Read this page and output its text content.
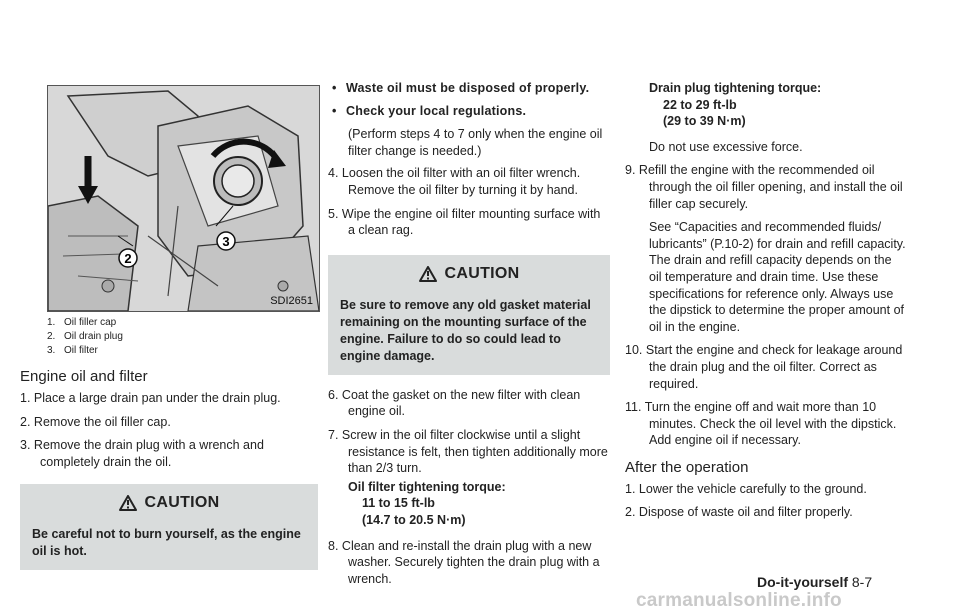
2
3
SDI2651
1. Oil filler cap
2. Oil drain plug
3. Oil filter
Engine oil and filter
1. Place a large drain pan under the drain plug.
2. Remove the oil filler cap.
3. Remove the drain plug with a wrench and completely drain the oil.
CAUTION
Be careful not to burn yourself, as the engine oil is hot.
• Waste oil must be disposed of properly.
• Check your local regulations.

(Perform steps 4 to 7 only when the engine oil filter change is needed.)

4. Loosen the oil filter with an oil filter wrench. Remove the oil filter by turning it by hand.
5. Wipe the engine oil filter mounting surface with a clean rag.
CAUTION
Be sure to remove any old gasket material remaining on the mounting surface of the engine. Failure to do so could lead to engine damage.
6. Coat the gasket on the new filter with clean engine oil.
7. Screw in the oil filter clockwise until a slight resistance is felt, then tighten additionally more than 2/3 turn.

Oil filter tightening torque:

11 to 15 ft-lb

(14.7 to 20.5 N·m)

8. Clean and re-install the drain plug with a new washer. Securely tighten the drain plug with a wrench.

Drain plug tightening torque:

22 to 29 ft-lb

(29 to 39 N·m)

Do not use excessive force.

9. Refill the engine with the recommended oil through the oil filler opening, and install the oil filler cap securely.

See “Capacities and recommended fluids/ lubricants” (P.10-2) for drain and refill capacity. The drain and refill capacity depends on the oil temperature and drain time. Use these specifications for reference only. Always use the dipstick to determine the proper amount of oil in the engine.

10. Start the engine and check for leakage around the drain plug and the oil filter. Correct as required.
11. Turn the engine off and wait more than 10 minutes. Check the oil level with the dipstick. Add engine oil if necessary.
After the operation
1. Lower the vehicle carefully to the ground.
2. Dispose of waste oil and filter properly.
Do-it-yourself 8-7
carmanualsonline.info
